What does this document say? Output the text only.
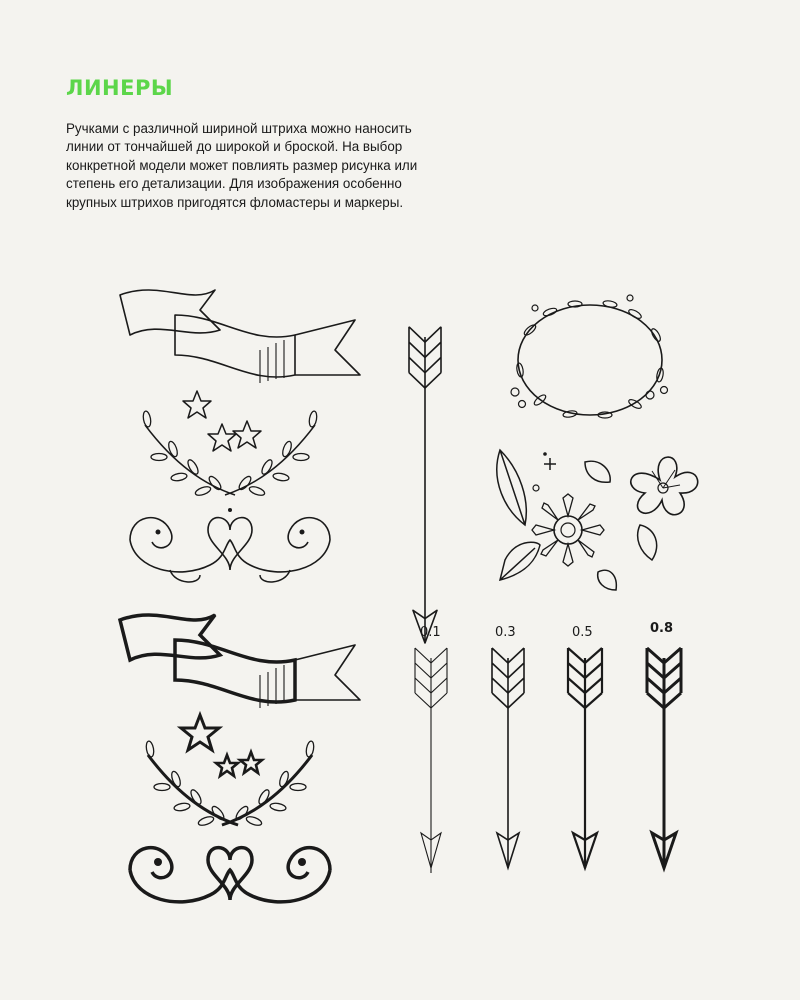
ЛИНЕРЫ

Ручками с различной шириной штриха можно наносить
линии от тончайшей до широкой и броской. На выбор
конкретной модели может повлиять размер рисунка или
степень его детализации. Для изображения особенно
крупных штрихов пригодятся фломастеры и маркеры.

0.1	0.3	0.5	0.8
